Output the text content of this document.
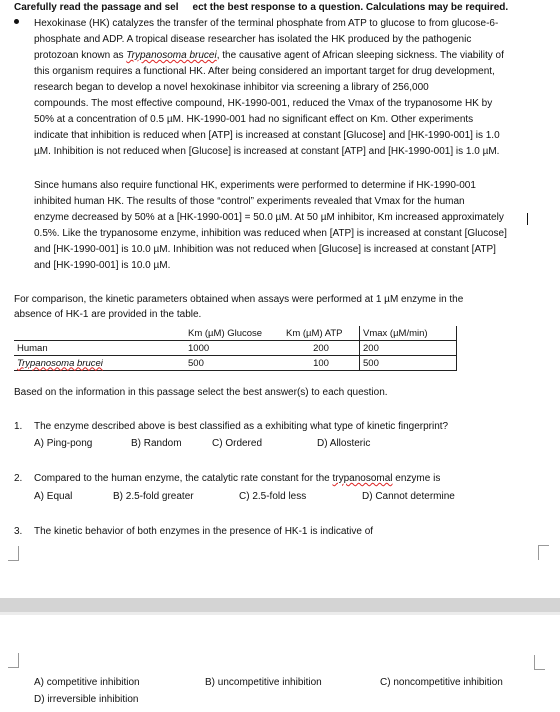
Carefully read the passage and sel ect the best response to a question. Calculations may be required.
Hexokinase (HK) catalyzes the transfer of the terminal phosphate from ATP to glucose to from glucose-6-
phosphate and ADP. A tropical disease researcher has isolated the HK produced by the pathogenic
protozoan known as Trypanosoma brucei, the causative agent of African sleeping sickness. The viability of
this organism requires a functional HK. After being considered an important target for drug development,
research began to develop a novel hexokinase inhibitor via screening a library of 256,000
compounds. The most effective compound, HK-1990-001, reduced the Vmax of the trypanosome HK by
50% at a concentration of 0.5 µM. HK-1990-001 had no significant effect on Km. Other experiments
indicate that inhibition is reduced when [ATP] is increased at constant [Glucose] and [HK-1990-001] is 1.0
µM. Inhibition is not reduced when [Glucose] is increased at constant [ATP] and [HK-1990-001] is 1.0 µM.
Since humans also require functional HK, experiments were performed to determine if HK-1990-001
inhibited human HK. The results of those “control” experiments revealed that Vmax for the human
enzyme decreased by 50% at a [HK-1990-001] = 50.0 µM. At 50 µM inhibitor, Km increased approximately
0.5%. Like the trypanosome enzyme, inhibition was reduced when [ATP] is increased at constant [Glucose]
and [HK-1990-001] is 10.0 µM. Inhibition was not reduced when [Glucose] is increased at constant [ATP]
and [HK-1990-001] is 10.0 µM.
For comparison, the kinetic parameters obtained when assays were performed at 1 µM enzyme in the
absence of HK-1 are provided in the table.
	Km (µM) Glucose	Km (µM) ATP	Vmax (µM/min)
Human	1000	200	200
Trypanosoma brucei	500	100	500
Based on the information in this passage select the best answer(s) to each question.
1. The enzyme described above is best classified as a exhibiting what type of kinetic fingerprint?
A) Ping-pong	B) Random	C) Ordered	D) Allosteric
2. Compared to the human enzyme, the catalytic rate constant for the trypanosomal enzyme is
A) Equal	B) 2.5-fold greater	C) 2.5-fold less	D) Cannot determine
3. The kinetic behavior of both enzymes in the presence of HK-1 is indicative of
A) competitive inhibition	B) uncompetitive inhibition	C) noncompetitive inhibition
D) irreversible inhibition
